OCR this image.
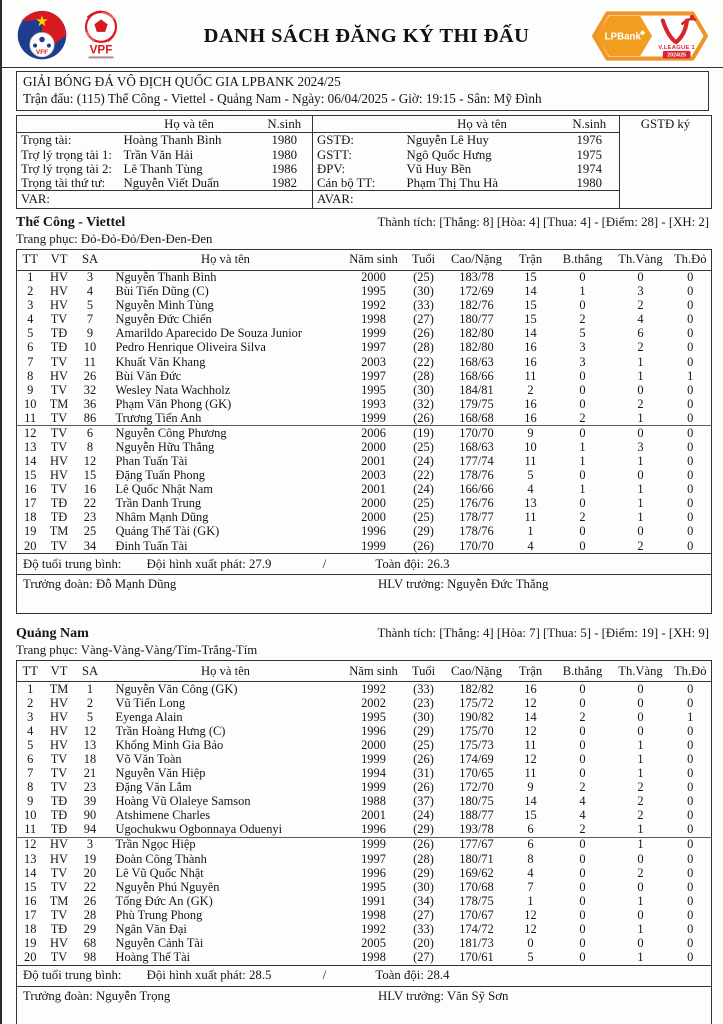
VFF	VPF
DANH SÁCH ĐĂNG KÝ THI ĐẤU	LPBank
V.LEAGUE 1
2024/25
GIẢI BÓNG ĐÁ VÔ ĐỊCH QUỐC GIA LPBANK 2024/25
Trận đấu: (115) Thể Công - Viettel - Quảng Nam - Ngày: 06/04/2025 - Giờ: 19:15 - Sân: Mỹ Đình
	Họ và tên	N.sinh		Họ và tên	N.sinh	GSTĐ ký
Trọng tài:	Hoàng Thanh Bình	1980	GSTĐ:	Nguyễn Lê Huy	1976	
Trợ lý trọng tài 1:	Trần Văn Hải	1980	GSTT:	Ngô Quốc Hưng	1975	
Trợ lý trọng tài 2:	Lê Thanh Tùng	1986	ĐPV:	Vũ Huy Bền	1974	
Trọng tài thứ tư:	Nguyễn Viết Duẩn	1982	Cán bộ TT:	Phạm Thị Thu Hà	1980	
VAR:			AVAR:			
Thể Công - Viettel	Thành tích: [Thắng: 8] [Hòa: 4] [Thua: 4] - [Điểm: 28] - [XH: 2]
Trang phục: Đỏ-Đỏ-Đỏ/Đen-Đen-Đen
TT	VT	SA	Họ và tên	Năm sinh	Tuổi	Cao/Nặng	Trận	B.thắng	Th.Vàng	Th.Đỏ
1	HV	3	Nguyễn Thanh Bình	2000	(25)	183/78	15	0	0	0
2	HV	4	Bùi Tiến Dũng (C)	1995	(30)	172/69	14	1	3	0
3	HV	5	Nguyễn Minh Tùng	1992	(33)	182/76	15	0	2	0
4	TV	7	Nguyễn Đức Chiến	1998	(27)	180/77	15	2	4	0
5	TĐ	9	Amarildo Aparecido De Souza Junior	1999	(26)	182/80	14	5	6	0
6	TĐ	10	Pedro Henrique Oliveira Silva	1997	(28)	182/80	16	3	2	0
7	TV	11	Khuất Văn Khang	2003	(22)	168/63	16	3	1	0
8	HV	26	Bùi Văn Đức	1997	(28)	168/66	11	0	1	1
9	TV	32	Wesley Nata Wachholz	1995	(30)	184/81	2	0	0	0
10	TM	36	Phạm Văn Phong (GK)	1993	(32)	179/75	16	0	2	0
11	TV	86	Trương Tiến Anh	1999	(26)	168/68	16	2	1	0
12	TV	6	Nguyễn Công Phương	2006	(19)	170/70	9	0	0	0
13	TV	8	Nguyễn Hữu Thắng	2000	(25)	168/63	10	1	3	0
14	HV	12	Phan Tuấn Tài	2001	(24)	177/74	11	1	1	0
15	HV	15	Đặng Tuấn Phong	2003	(22)	178/76	5	0	0	0
16	TV	16	Lê Quốc Nhật Nam	2001	(24)	166/66	4	1	1	0
17	TĐ	22	Trần Danh Trung	2000	(25)	176/76	13	0	1	0
18	TĐ	23	Nhâm Mạnh Dũng	2000	(25)	178/77	11	2	1	0
19	TM	25	Quảng Thế Tài (GK)	1996	(29)	178/76	1	0	0	0
20	TV	34	Đinh Tuấn Tài	1999	(26)	170/70	4	0	2	0
Độ tuổi trung bình: Đội hình xuất phát: 27.9 / Toàn đội: 26.3										

Trưởng đoàn: Đỗ Mạnh Dũng HLV trưởng: Nguyễn Đức Thắng										
Quảng Nam	Thành tích: [Thắng: 4] [Hòa: 7] [Thua: 5] - [Điểm: 19] - [XH: 9]
Trang phục: Vàng-Vàng-Vàng/Tím-Trắng-Tím
TT	VT	SA	Họ và tên	Năm sinh	Tuổi	Cao/Nặng	Trận	B.thắng	Th.Vàng	Th.Đỏ
1	TM	1	Nguyễn Văn Công (GK)	1992	(33)	182/82	16	0	0	0
2	HV	2	Vũ Tiến Long	2002	(23)	175/72	12	0	0	0
3	HV	5	Eyenga Alain	1995	(30)	190/82	14	2	0	1
4	HV	12	Trần Hoàng Hưng (C)	1996	(29)	175/70	12	0	0	0
5	HV	13	Khổng Minh Gia Bảo	2000	(25)	175/73	11	0	1	0
6	TV	18	Võ Văn Toàn	1999	(26)	174/69	12	0	1	0
7	TV	21	Nguyễn Văn Hiệp	1994	(31)	170/65	11	0	1	0
8	TV	23	Đặng Văn Lắm	1999	(26)	172/70	9	2	2	0
9	TĐ	39	Hoàng Vũ Olaleye Samson	1988	(37)	180/75	14	4	2	0
10	TĐ	90	Atshimene Charles	2001	(24)	188/77	15	4	2	0
11	TĐ	94	Ugochukwu Ogbonnaya Oduenyi	1996	(29)	193/78	6	2	1	0
12	HV	3	Trần Ngọc Hiệp	1999	(26)	177/67	6	0	1	0
13	HV	19	Đoàn Công Thành	1997	(28)	180/71	8	0	0	0
14	TV	20	Lê Vũ Quốc Nhật	1996	(29)	169/62	4	0	2	0
15	TV	22	Nguyễn Phú Nguyên	1995	(30)	170/68	7	0	0	0
16	TM	26	Tống Đức An (GK)	1991	(34)	178/75	1	0	1	0
17	TV	28	Phù Trung Phong	1998	(27)	170/67	12	0	0	0
18	TĐ	29	Ngân Văn Đại	1992	(33)	174/72	12	0	1	0
19	HV	68	Nguyễn Cảnh Tài	2005	(20)	181/73	0	0	0	0
20	TV	98	Hoàng Thế Tài	1998	(27)	170/61	5	0	1	0
Độ tuổi trung bình: Đội hình xuất phát: 28.5 / Toàn đội: 28.4										

Trưởng đoàn: Nguyễn Trọng HLV trưởng: Văn Sỹ Sơn										
